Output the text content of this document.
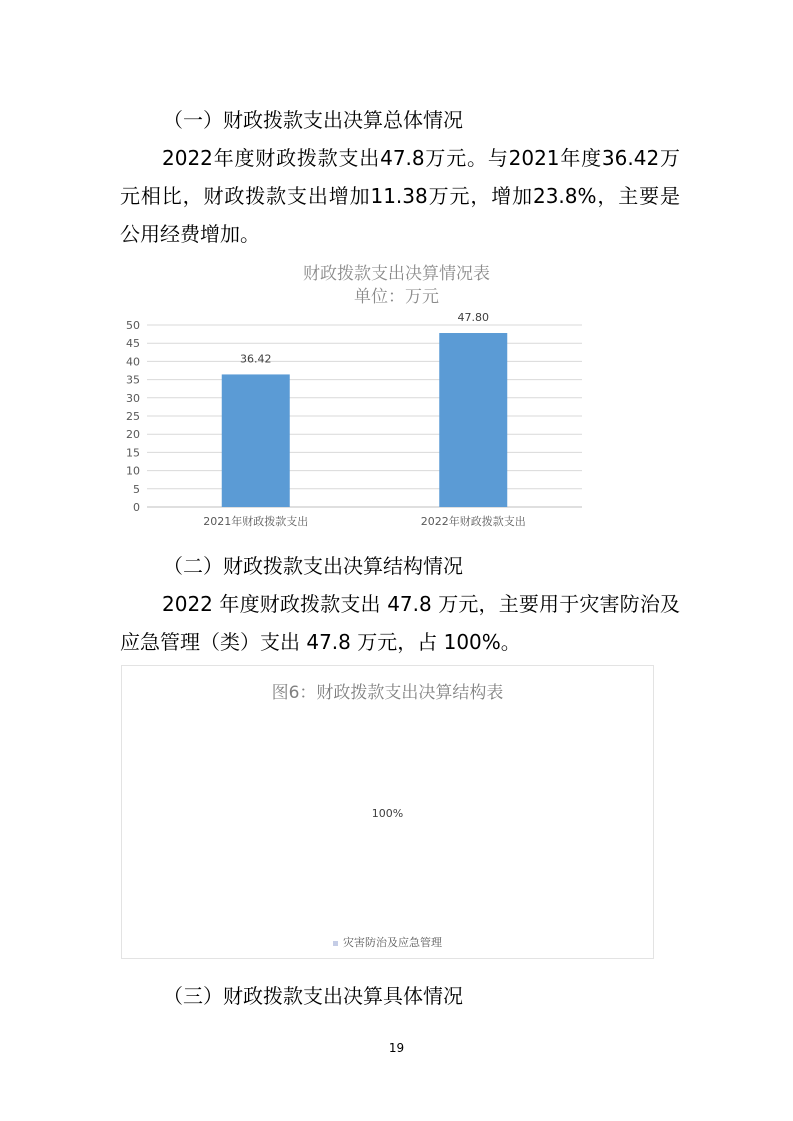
（一）财政拨款支出决算总体情况
2022年度财政拨款支出47.8万元。与2021年度36.42万元相比，财政拨款支出增加11.38万元，增加23.8%，主要是公用经费增加。
财政拨款支出决算情况表
单位：万元
0
5
10
15
20
25
30
35
40
45
50
36.42
47.80
2021年财政拨款支出	2022年财政拨款支出
（二）财政拨款支出决算结构情况
2022 年度财政拨款支出 47.8 万元，主要用于灾害防治及应急管理（类）支出 47.8 万元，占 100%。
图6：财政拨款支出决算结构表
100%
灾害防治及应急管理
（三）财政拨款支出决算具体情况
19
